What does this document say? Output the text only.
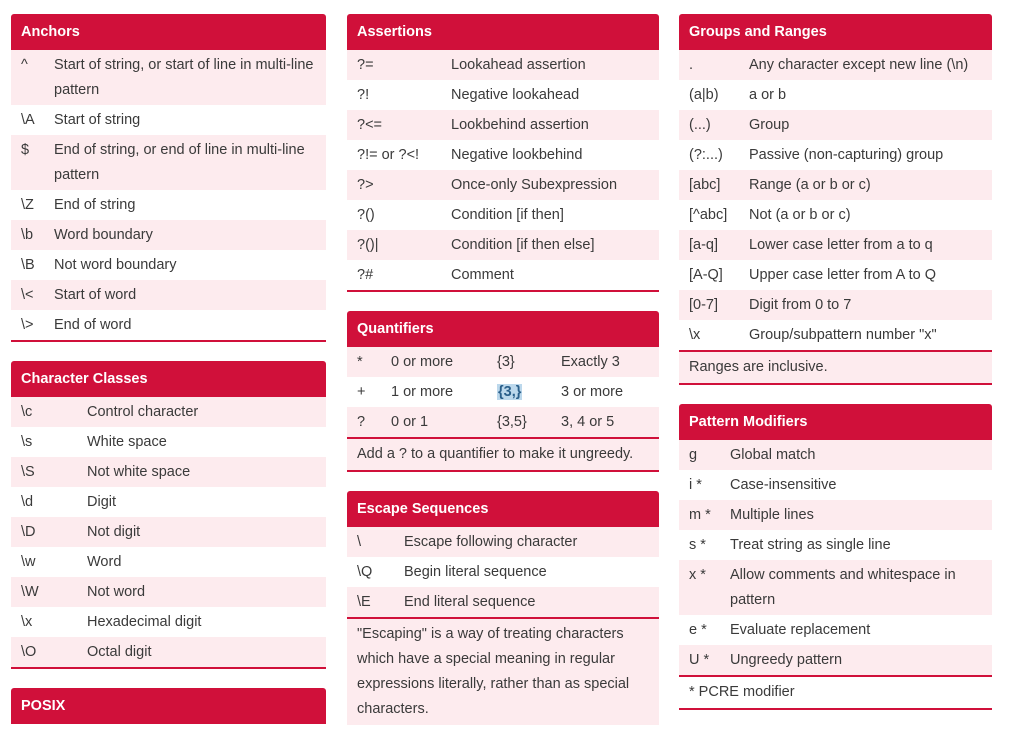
Anchors
^	Start of string, or start of line in multi-line pattern
\A	Start of string
$	End of string, or end of line in multi-line pattern
\Z	End of string
\b	Word boundary
\B	Not word boundary
\<	Start of word
\>	End of word
Character Classes
\c	Control character
\s	White space
\S	Not white space
\d	Digit
\D	Not digit
\w	Word
\W	Not word
\x	Hexadecimal digit
\O	Octal digit
POSIX
Assertions
?=	Lookahead assertion
?!	Negative lookahead
?<=	Lookbehind assertion
?!= or ?<!	Negative lookbehind
?>	Once-only Subexpression
?()	Condition [if then]
?()|	Condition [if then else]
?#	Comment
Quantifiers
*	0 or more	{3}	Exactly 3
+	1 or more	{3,}	3 or more
?	0 or 1	{3,5}	3, 4 or 5
Add a ? to a quantifier to make it ungreedy.
Escape Sequences
\	Escape following character
\Q	Begin literal sequence
\E	End literal sequence
"Escaping" is a way of treating characters which have a special meaning in regular expressions literally, rather than as special characters.
Groups and Ranges
.	Any character except new line (\n)
(a|b)	a or b
(...)	Group
(?:...)	Passive (non-capturing) group
[abc]	Range (a or b or c)
[^abc]	Not (a or b or c)
[a-q]	Lower case letter from a to q
[A-Q]	Upper case letter from A to Q
[0-7]	Digit from 0 to 7
\x	Group/subpattern number "x"
Ranges are inclusive.
Pattern Modifiers
g	Global match
i *	Case-insensitive
m *	Multiple lines
s *	Treat string as single line
x *	Allow comments and whitespace in pattern
e *	Evaluate replacement
U *	Ungreedy pattern
* PCRE modifier
